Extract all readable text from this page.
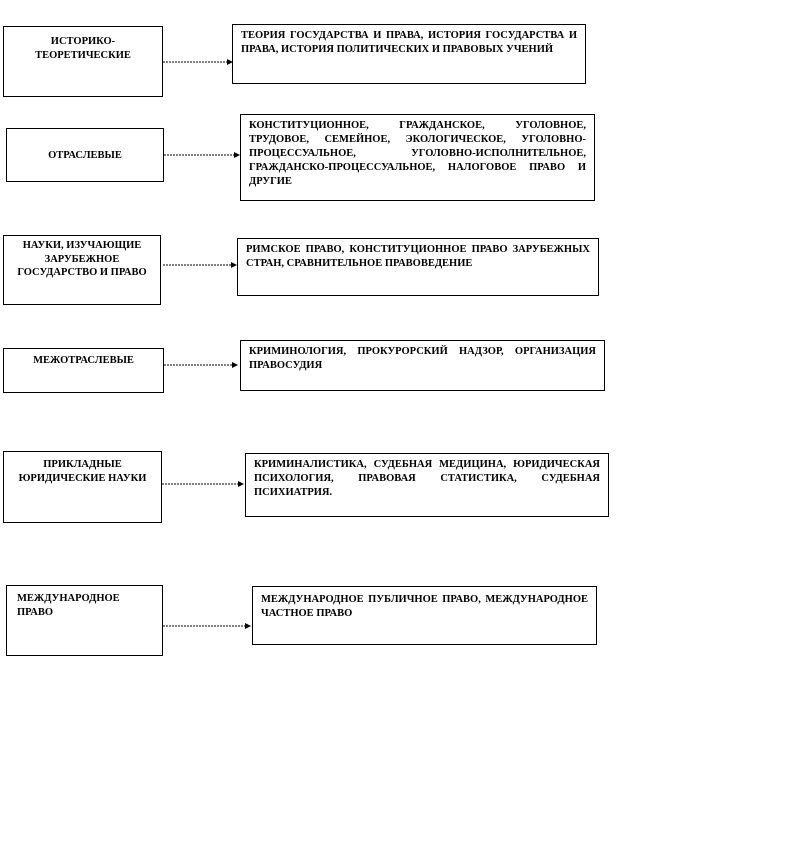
ИСТОРИКО-ТЕОРЕТИЧЕСКИЕ
ТЕОРИЯ ГОСУДАРСТВА И ПРАВА, ИСТОРИЯ ГОСУДАРСТВА И ПРАВА, ИСТОРИЯ ПОЛИТИЧЕСКИХ И ПРАВОВЫХ УЧЕНИЙ
ОТРАСЛЕВЫЕ
КОНСТИТУЦИОННОЕ, ГРАЖДАНСКОЕ, УГОЛОВНОЕ, ТРУДОВОЕ, СЕМЕЙНОЕ, ЭКОЛОГИЧЕСКОЕ, УГОЛОВНО-ПРОЦЕССУАЛЬНОЕ, УГОЛОВНО-ИСПОЛНИТЕЛЬНОЕ, ГРАЖДАНСКО-ПРОЦЕССУАЛЬНОЕ, НАЛОГОВОЕ ПРАВО И ДРУГИЕ
НАУКИ, ИЗУЧАЮЩИЕ ЗАРУБЕЖНОЕ ГОСУДАРСТВО И ПРАВО
РИМСКОЕ ПРАВО, КОНСТИТУЦИОННОЕ ПРАВО ЗАРУБЕЖНЫХ СТРАН, СРАВНИТЕЛЬНОЕ ПРАВОВЕДЕНИЕ
МЕЖОТРАСЛЕВЫЕ
КРИМИНОЛОГИЯ, ПРОКУРОРСКИЙ НАДЗОР, ОРГАНИЗАЦИЯ ПРАВОСУДИЯ
ПРИКЛАДНЫЕ ЮРИДИЧЕСКИЕ НАУКИ
КРИМИНАЛИСТИКА, СУДЕБНАЯ МЕДИЦИНА, ЮРИДИЧЕСКАЯ ПСИХОЛОГИЯ, ПРАВОВАЯ СТАТИСТИКА, СУДЕБНАЯ ПСИХИАТРИЯ.
МЕЖДУНАРОДНОЕ ПРАВО
МЕЖДУНАРОДНОЕ ПУБЛИЧНОЕ ПРАВО, МЕЖДУНАРОДНОЕ ЧАСТНОЕ ПРАВО
